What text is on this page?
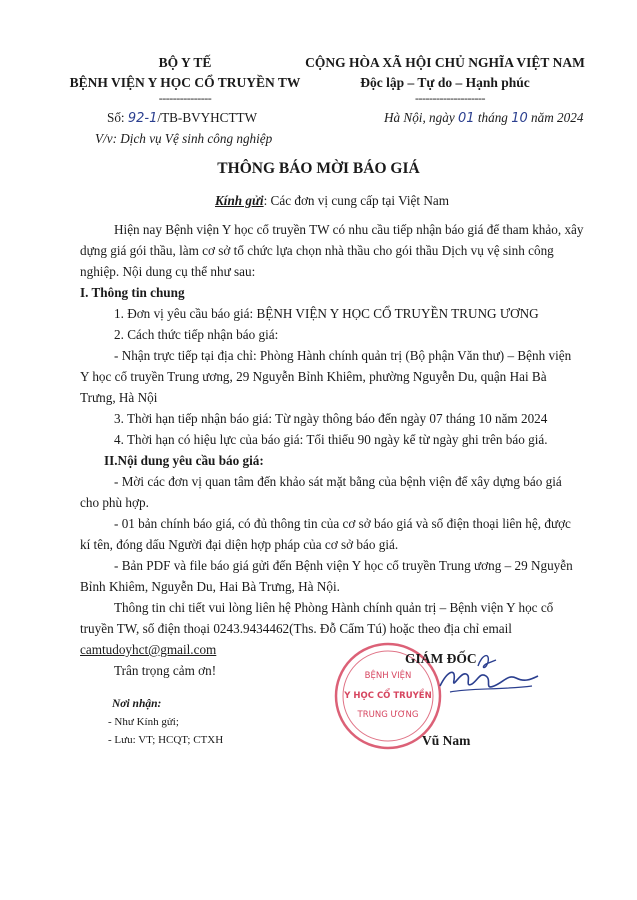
BỘ Y TẾ
BỆNH VIỆN Y HỌC CỔ TRUYỀN TW
---------------
Số: 92-1/TB-BVYHCTTW
V/v: Dịch vụ Vệ sinh công nghiệp
CỘNG HÒA XÃ HỘI CHỦ NGHĨA VIỆT NAM
Độc lập – Tự do – Hạnh phúc
--------------------
Hà Nội, ngày 01 tháng 10 năm 2024
THÔNG BÁO MỜI BÁO GIÁ
Kính gửi: Các đơn vị cung cấp tại Việt Nam
Hiện nay Bệnh viện Y học cổ truyền TW có nhu cầu tiếp nhận báo giá để tham khảo, xây
dựng giá gói thầu, làm cơ sở tổ chức lựa chọn nhà thầu cho gói thầu Dịch vụ vệ sinh công
nghiệp. Nội dung cụ thể như sau:
I. Thông tin chung
1. Đơn vị yêu cầu báo giá: BỆNH VIỆN Y HỌC CỔ TRUYỀN TRUNG ƯƠNG
2. Cách thức tiếp nhận báo giá:
- Nhận trực tiếp tại địa chỉ: Phòng Hành chính quản trị (Bộ phận Văn thư) – Bệnh viện
Y học cổ truyền Trung ương, 29 Nguyễn Bỉnh Khiêm, phường Nguyễn Du, quận Hai Bà
Trưng, Hà Nội
3. Thời hạn tiếp nhận báo giá: Từ ngày thông báo đến ngày 07 tháng 10 năm 2024
4. Thời hạn có hiệu lực của báo giá: Tối thiểu 90 ngày kể từ ngày ghi trên báo giá.
II.Nội dung yêu cầu báo giá:
- Mời các đơn vị quan tâm đến khảo sát mặt bằng của bệnh viện để xây dựng báo giá
cho phù hợp.
- 01 bản chính báo giá, có đủ thông tin của cơ sở báo giá và số điện thoại liên hệ, được
kí tên, đóng dấu Người đại diện hợp pháp của cơ sở báo giá.
- Bản PDF và file báo giá gửi đến Bệnh viện Y học cổ truyền Trung ương – 29 Nguyễn
Bỉnh Khiêm, Nguyễn Du, Hai Bà Trưng, Hà Nội.
Thông tin chi tiết vui lòng liên hệ Phòng Hành chính quản trị – Bệnh viện Y học cổ
truyền TW, số điện thoại 0243.9434462(Ths. Đỗ Cẩm Tú) hoặc theo địa chỉ email
camtudoyhct@gmail.com
Trân trọng cảm ơn!
Nơi nhận:
- Như Kính gửi;
- Lưu: VT; HCQT; CTXH
BỆNH VIỆN
Y HỌC CỔ TRUYỀN
TRUNG ƯƠNG
GIÁM ĐỐC
Vũ Nam
